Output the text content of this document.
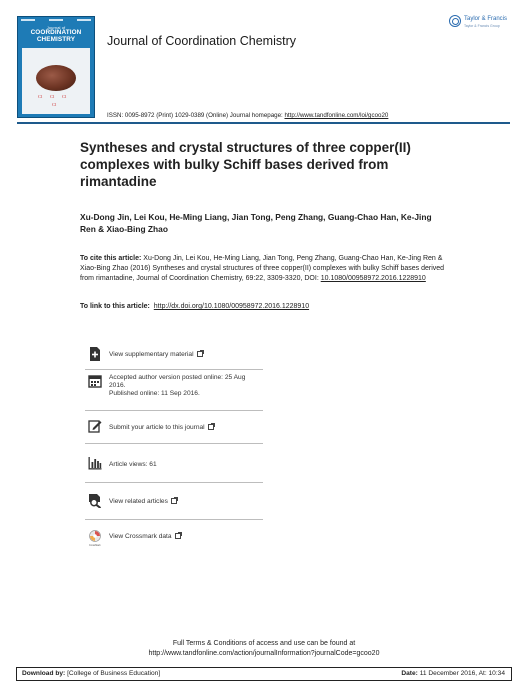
Journal of
COORDINATION
CHEMISTRY
Cl Cl Cl
Cl
Journal of Coordination Chemistry
Taylor & Francis
Taylor & Francis Group
ISSN: 0095-8972 (Print) 1029-0389 (Online) Journal homepage: http://www.tandfonline.com/loi/gcoo20
Syntheses and crystal structures of three copper(II) complexes with bulky Schiff bases derived from rimantadine
Xu-Dong Jin, Lei Kou, He-Ming Liang, Jian Tong, Peng Zhang, Guang-Chao Han, Ke-Jing Ren & Xiao-Bing Zhao
To cite this article: Xu-Dong Jin, Lei Kou, He-Ming Liang, Jian Tong, Peng Zhang, Guang-Chao Han, Ke-Jing Ren & Xiao-Bing Zhao (2016) Syntheses and crystal structures of three copper(II) complexes with bulky Schiff bases derived from rimantadine, Journal of Coordination Chemistry, 69:22, 3309-3320, DOI: 10.1080/00958972.2016.1228910
To link to this article: http://dx.doi.org/10.1080/00958972.2016.1228910
View supplementary material
Accepted author version posted online: 25 Aug 2016.
Published online: 11 Sep 2016.
Submit your article to this journal
Article views: 61
View related articles
CrossMark
View Crossmark data
Full Terms & Conditions of access and use can be found at
http://www.tandfonline.com/action/journalInformation?journalCode=gcoo20
Download by: [College of Business Education]	Date: 11 December 2016, At: 10:34
